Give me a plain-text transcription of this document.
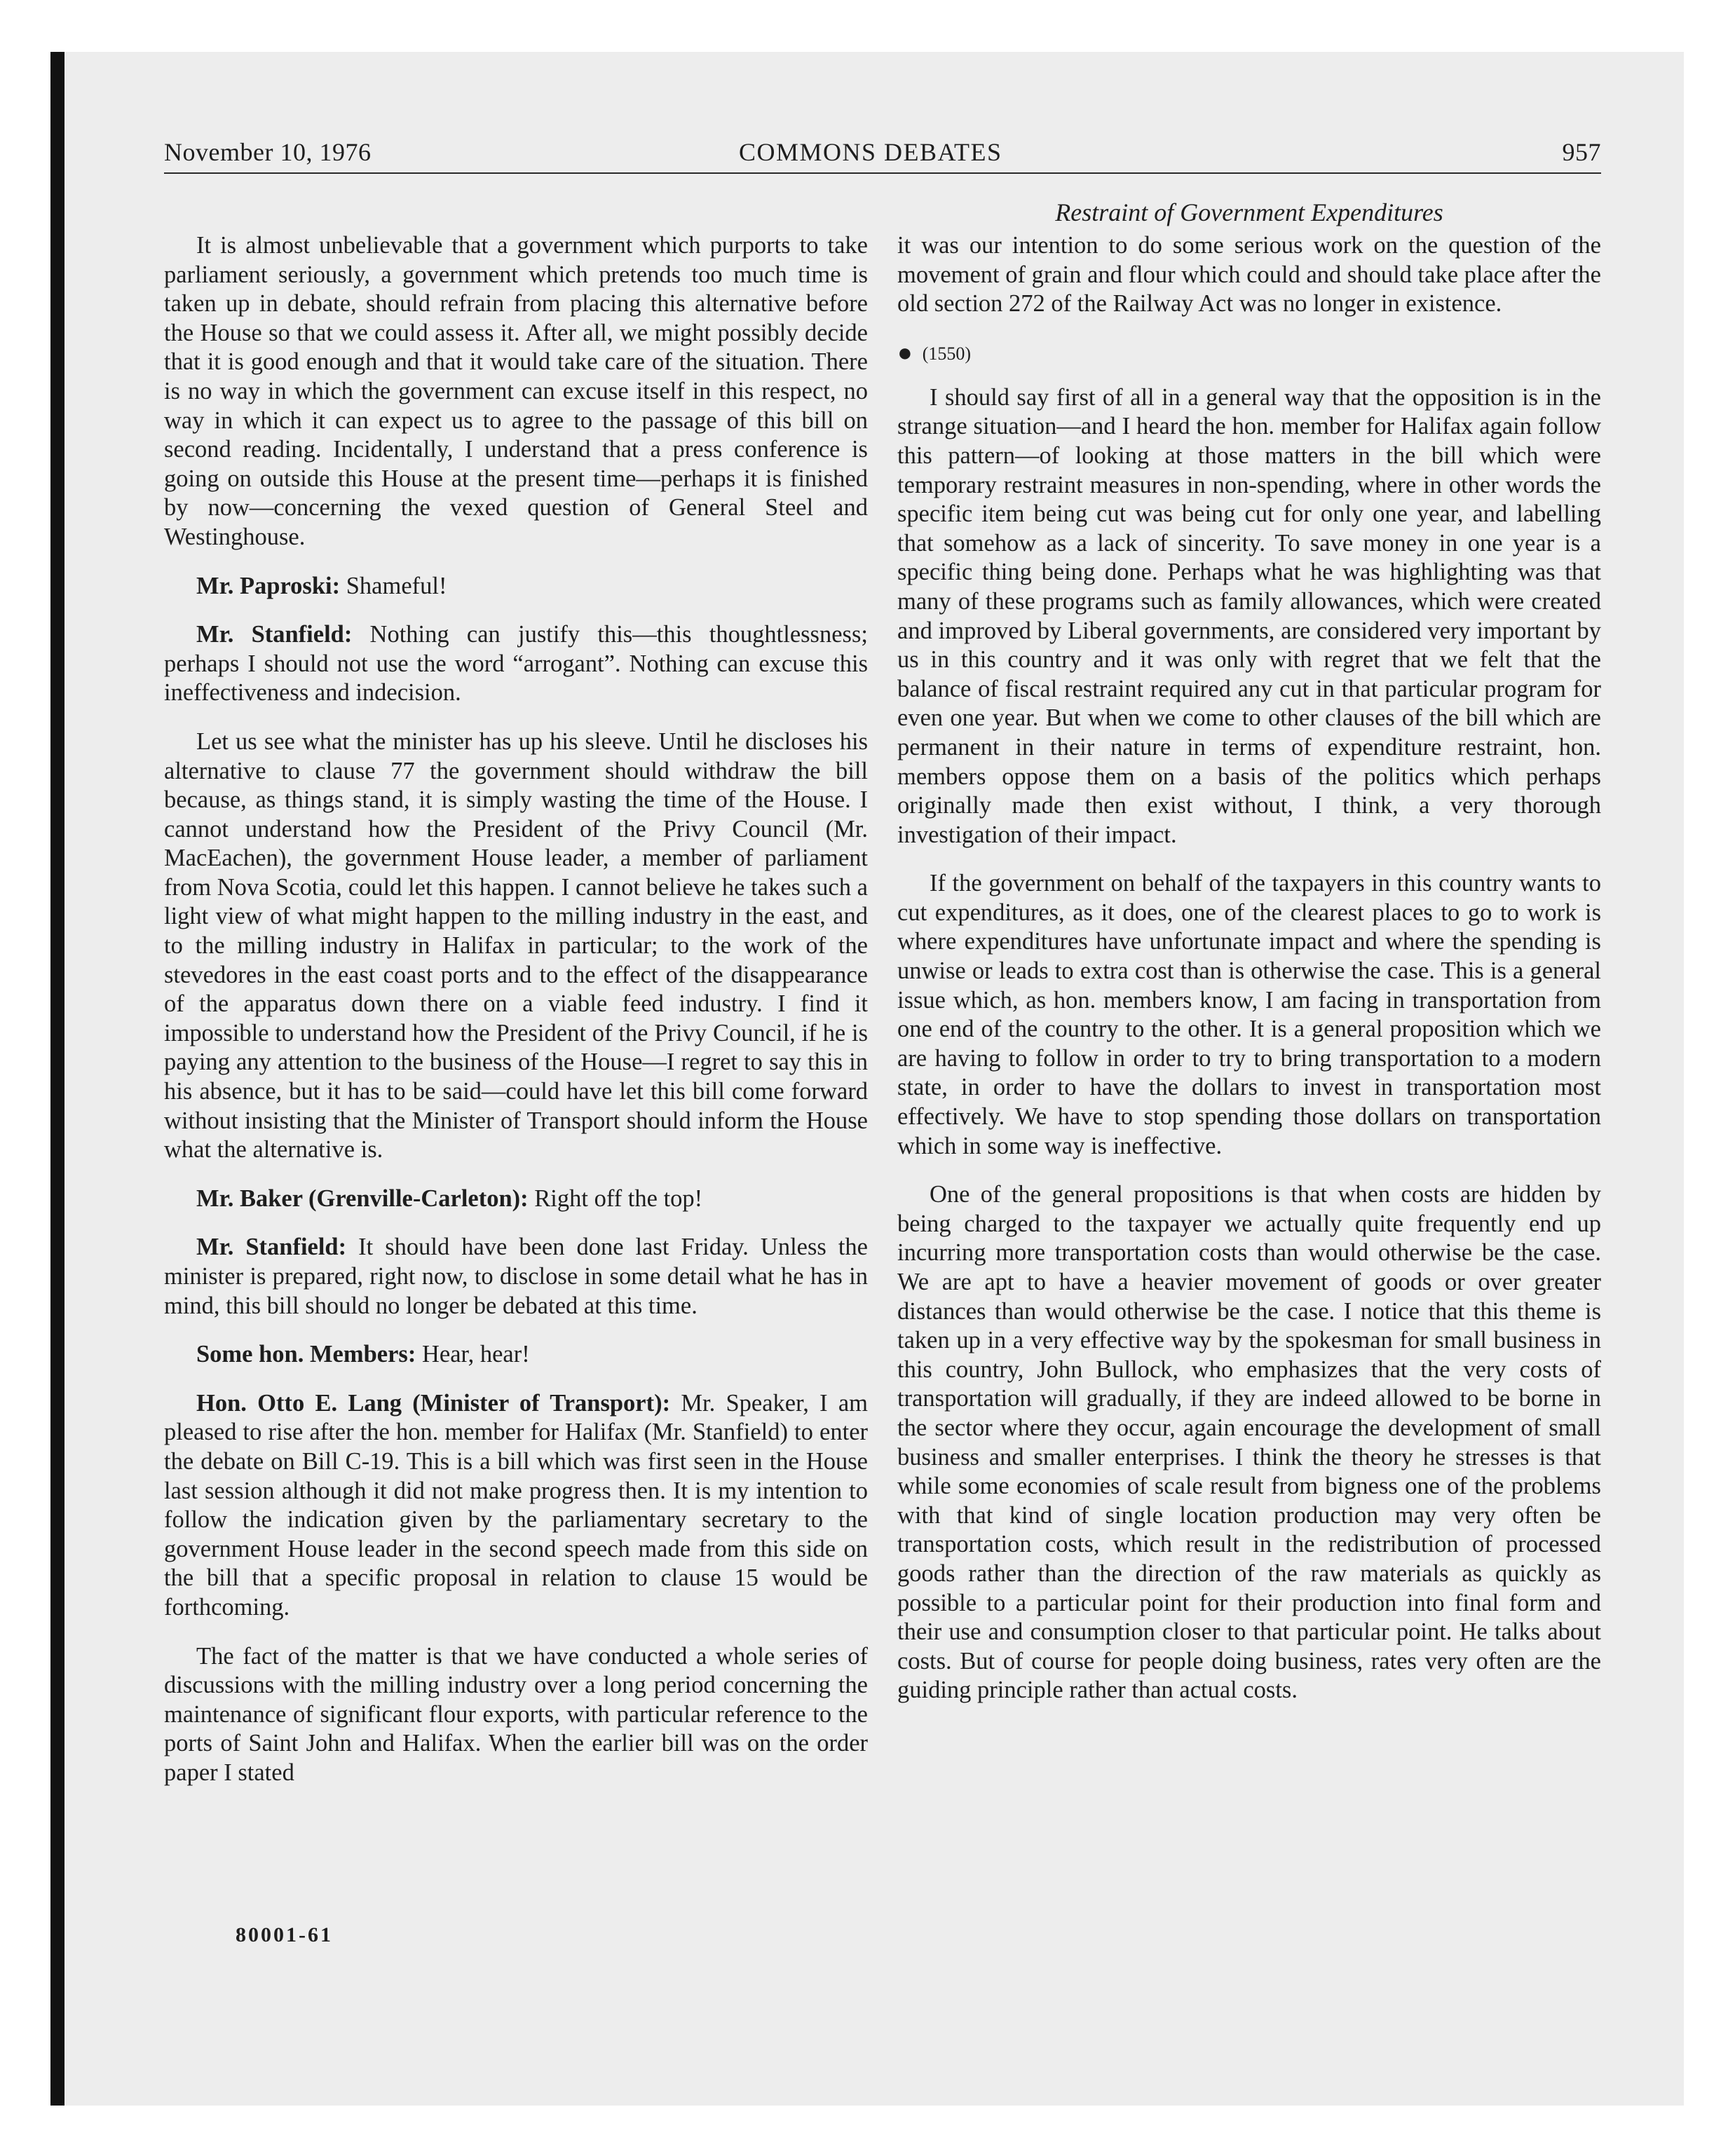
November 10, 1976	COMMONS DEBATES	957
Restraint of Government Expenditures

It is almost unbelievable that a government which purports to take parliament seriously, a government which pretends too much time is taken up in debate, should refrain from placing this alternative before the House so that we could assess it. After all, we might possibly decide that it is good enough and that it would take care of the situation. There is no way in which the government can excuse itself in this respect, no way in which it can expect us to agree to the passage of this bill on second reading. Incidentally, I understand that a press conference is going on outside this House at the present time—perhaps it is finished by now—concerning the vexed question of General Steel and Westinghouse.

Mr. Paproski: Shameful!

Mr. Stanfield: Nothing can justify this—this thoughtlessness; perhaps I should not use the word “arrogant”. Nothing can excuse this ineffectiveness and indecision.

Let us see what the minister has up his sleeve. Until he discloses his alternative to clause 77 the government should withdraw the bill because, as things stand, it is simply wasting the time of the House. I cannot understand how the President of the Privy Council (Mr. MacEachen), the government House leader, a member of parliament from Nova Scotia, could let this happen. I cannot believe he takes such a light view of what might happen to the milling industry in the east, and to the milling industry in Halifax in particular; to the work of the stevedores in the east coast ports and to the effect of the disappearance of the apparatus down there on a viable feed industry. I find it impossible to understand how the President of the Privy Council, if he is paying any attention to the business of the House—I regret to say this in his absence, but it has to be said—could have let this bill come forward without insisting that the Minister of Transport should inform the House what the alternative is.

Mr. Baker (Grenville-Carleton): Right off the top!

Mr. Stanfield: It should have been done last Friday. Unless the minister is prepared, right now, to disclose in some detail what he has in mind, this bill should no longer be debated at this time.

Some hon. Members: Hear, hear!

Hon. Otto E. Lang (Minister of Transport): Mr. Speaker, I am pleased to rise after the hon. member for Halifax (Mr. Stanfield) to enter the debate on Bill C-19. This is a bill which was first seen in the House last session although it did not make progress then. It is my intention to follow the indication given by the parliamentary secretary to the government House leader in the second speech made from this side on the bill that a specific proposal in relation to clause 15 would be forthcoming.

The fact of the matter is that we have conducted a whole series of discussions with the milling industry over a long period concerning the maintenance of significant flour exports, with particular reference to the ports of Saint John and Halifax. When the earlier bill was on the order paper I stated

it was our intention to do some serious work on the question of the movement of grain and flour which could and should take place after the old section 272 of the Railway Act was no longer in existence.

● (1550)

I should say first of all in a general way that the opposition is in the strange situation—and I heard the hon. member for Halifax again follow this pattern—of looking at those matters in the bill which were temporary restraint measures in non-spending, where in other words the specific item being cut was being cut for only one year, and labelling that somehow as a lack of sincerity. To save money in one year is a specific thing being done. Perhaps what he was highlighting was that many of these programs such as family allowances, which were created and improved by Liberal governments, are considered very important by us in this country and it was only with regret that we felt that the balance of fiscal restraint required any cut in that particular program for even one year. But when we come to other clauses of the bill which are permanent in their nature in terms of expenditure restraint, hon. members oppose them on a basis of the politics which perhaps originally made then exist without, I think, a very thorough investigation of their impact.

If the government on behalf of the taxpayers in this country wants to cut expenditures, as it does, one of the clearest places to go to work is where expenditures have unfortunate impact and where the spending is unwise or leads to extra cost than is otherwise the case. This is a general issue which, as hon. members know, I am facing in transportation from one end of the country to the other. It is a general proposition which we are having to follow in order to try to bring transportation to a modern state, in order to have the dollars to invest in transportation most effectively. We have to stop spending those dollars on transportation which in some way is ineffective.

One of the general propositions is that when costs are hidden by being charged to the taxpayer we actually quite frequently end up incurring more transportation costs than would otherwise be the case. We are apt to have a heavier movement of goods or over greater distances than would otherwise be the case. I notice that this theme is taken up in a very effective way by the spokesman for small business in this country, John Bullock, who emphasizes that the very costs of transportation will gradually, if they are indeed allowed to be borne in the sector where they occur, again encourage the development of small business and smaller enterprises. I think the theory he stresses is that while some economies of scale result from bigness one of the problems with that kind of single location production may very often be transportation costs, which result in the redistribution of processed goods rather than the direction of the raw materials as quickly as possible to a particular point for their production into final form and their use and consumption closer to that particular point. He talks about costs. But of course for people doing business, rates very often are the guiding principle rather than actual costs.

80001-61
